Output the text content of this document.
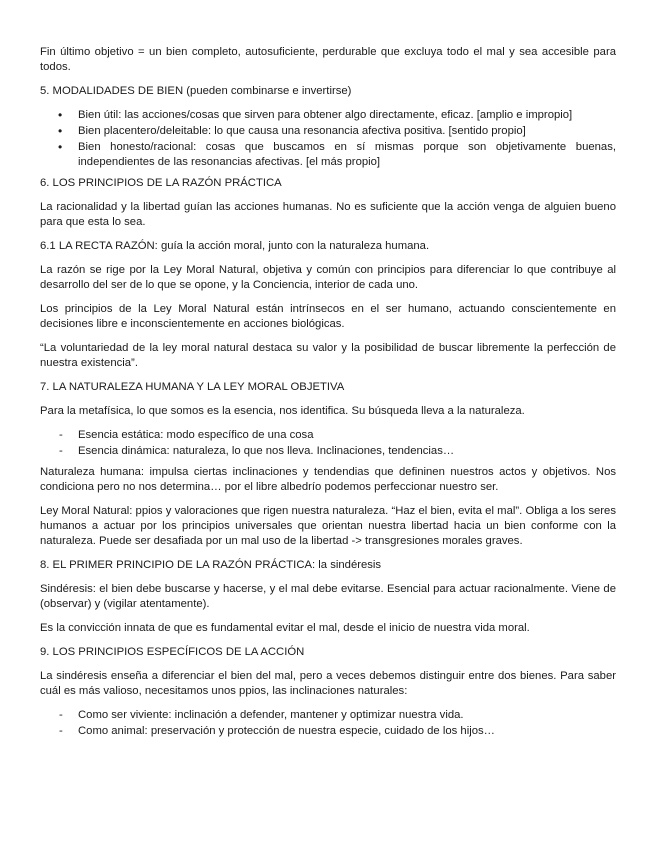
Fin último objetivo = un bien completo, autosuficiente, perdurable que excluya todo el mal y sea accesible para todos.

5. MODALIDADES DE BIEN (pueden combinarse e invertirse)
• Bien útil: las acciones/cosas que sirven para obtener algo directamente, eficaz. [amplio e impropio]
• Bien placentero/deleitable: lo que causa una resonancia afectiva positiva. [sentido propio]
• Bien honesto/racional: cosas que buscamos en sí mismas porque son objetivamente buenas, independientes de las resonancias afectivas. [el más propio]
6. LOS PRINCIPIOS DE LA RAZÓN PRÁCTICA

La racionalidad y la libertad guían las acciones humanas. No es suficiente que la acción venga de alguien bueno para que esta lo sea.

6.1 LA RECTA RAZÓN: guía la acción moral, junto con la naturaleza humana.

La razón se rige por la Ley Moral Natural, objetiva y común con principios para diferenciar lo que contribuye al desarrollo del ser de lo que se opone, y la Conciencia, interior de cada uno.

Los principios de la Ley Moral Natural están intrínsecos en el ser humano, actuando conscientemente en decisiones libre e inconscientemente en acciones biológicas.

“La voluntariedad de la ley moral natural destaca su valor y la posibilidad de buscar libremente la perfección de nuestra existencia”.

7. LA NATURALEZA HUMANA Y LA LEY MORAL OBJETIVA

Para la metafísica, lo que somos es la esencia, nos identifica. Su búsqueda lleva a la naturaleza.

- Esencia estática: modo específico de una cosa
- Esencia dinámica: naturaleza, lo que nos lleva. Inclinaciones, tendencias…

Naturaleza humana: impulsa ciertas inclinaciones y tendendias que defininen nuestros actos y objetivos. Nos condiciona pero no nos determina… por el libre albedrío podemos perfeccionar nuestro ser.

Ley Moral Natural: ppios y valoraciones que rigen nuestra naturaleza. “Haz el bien, evita el mal”. Obliga a los seres humanos a actuar por los principios universales que orientan nuestra libertad hacia un bien conforme con la naturaleza. Puede ser desafiada por un mal uso de la libertad -> transgresiones morales graves.

8. EL PRIMER PRINCIPIO DE LA RAZÓN PRÁCTICA: la sindéresis

Sindéresis: el bien debe buscarse y hacerse, y el mal debe evitarse. Esencial para actuar racionalmente. Viene de (observar) y (vigilar atentamente).

Es la convicción innata de que es fundamental evitar el mal, desde el inicio de nuestra vida moral.

9. LOS PRINCIPIOS ESPECÍFICOS DE LA ACCIÓN

La sindéresis enseña a diferenciar el bien del mal, pero a veces debemos distinguir entre dos bienes. Para saber cuál es más valioso, necesitamos unos ppios, las inclinaciones naturales:

- Como ser viviente: inclinación a defender, mantener y optimizar nuestra vida.
- Como animal: preservación y protección de nuestra especie, cuidado de los hijos…
